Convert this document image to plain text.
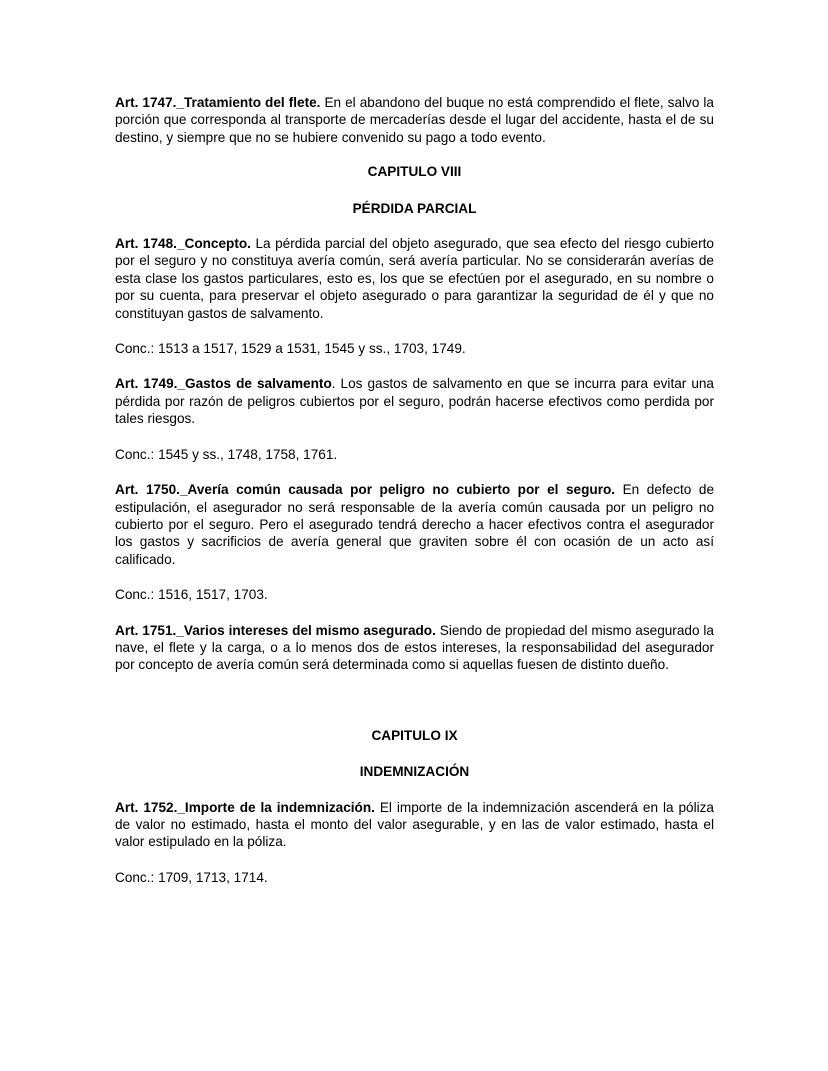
Art. 1747._Tratamiento del flete. En el abandono del buque no está comprendido el flete, salvo la porción que corresponda al transporte de mercaderías desde el lugar del accidente, hasta el de su destino, y siempre que no se hubiere convenido su pago a todo evento.

CAPITULO VIII

PÉRDIDA PARCIAL

Art. 1748._Concepto. La pérdida parcial del objeto asegurado, que sea efecto del riesgo cubierto por el seguro y no constituya avería común, será avería particular. No se considerarán averías de esta clase los gastos particulares, esto es, los que se efectúen por el asegurado, en su nombre o por su cuenta, para preservar el objeto asegurado o para garantizar la seguridad de él y que no constituyan gastos de salvamento.

Conc.: 1513 a 1517, 1529 a 1531, 1545 y ss., 1703, 1749.

Art. 1749._Gastos de salvamento. Los gastos de salvamento en que se incurra para evitar una pérdida por razón de peligros cubiertos por el seguro, podrán hacerse efectivos como perdida por tales riesgos.

Conc.: 1545 y ss., 1748, 1758, 1761.

Art. 1750._Avería común causada por peligro no cubierto por el seguro. En defecto de estipulación, el asegurador no será responsable de la avería común causada por un peligro no cubierto por el seguro. Pero el asegurado tendrá derecho a hacer efectivos contra el asegurador los gastos y sacrificios de avería general que graviten sobre él con ocasión de un acto así calificado.

Conc.: 1516, 1517, 1703.

Art. 1751._Varios intereses del mismo asegurado. Siendo de propiedad del mismo asegurado la nave, el flete y la carga, o a lo menos dos de estos intereses, la responsabilidad del asegurador por concepto de avería común será determinada como si aquellas fuesen de distinto dueño.

CAPITULO IX

INDEMNIZACIÓN

Art. 1752._Importe de la indemnización. El importe de la indemnización ascenderá en la póliza de valor no estimado, hasta el monto del valor asegurable, y en las de valor estimado, hasta el valor estipulado en la póliza.

Conc.: 1709, 1713, 1714.
